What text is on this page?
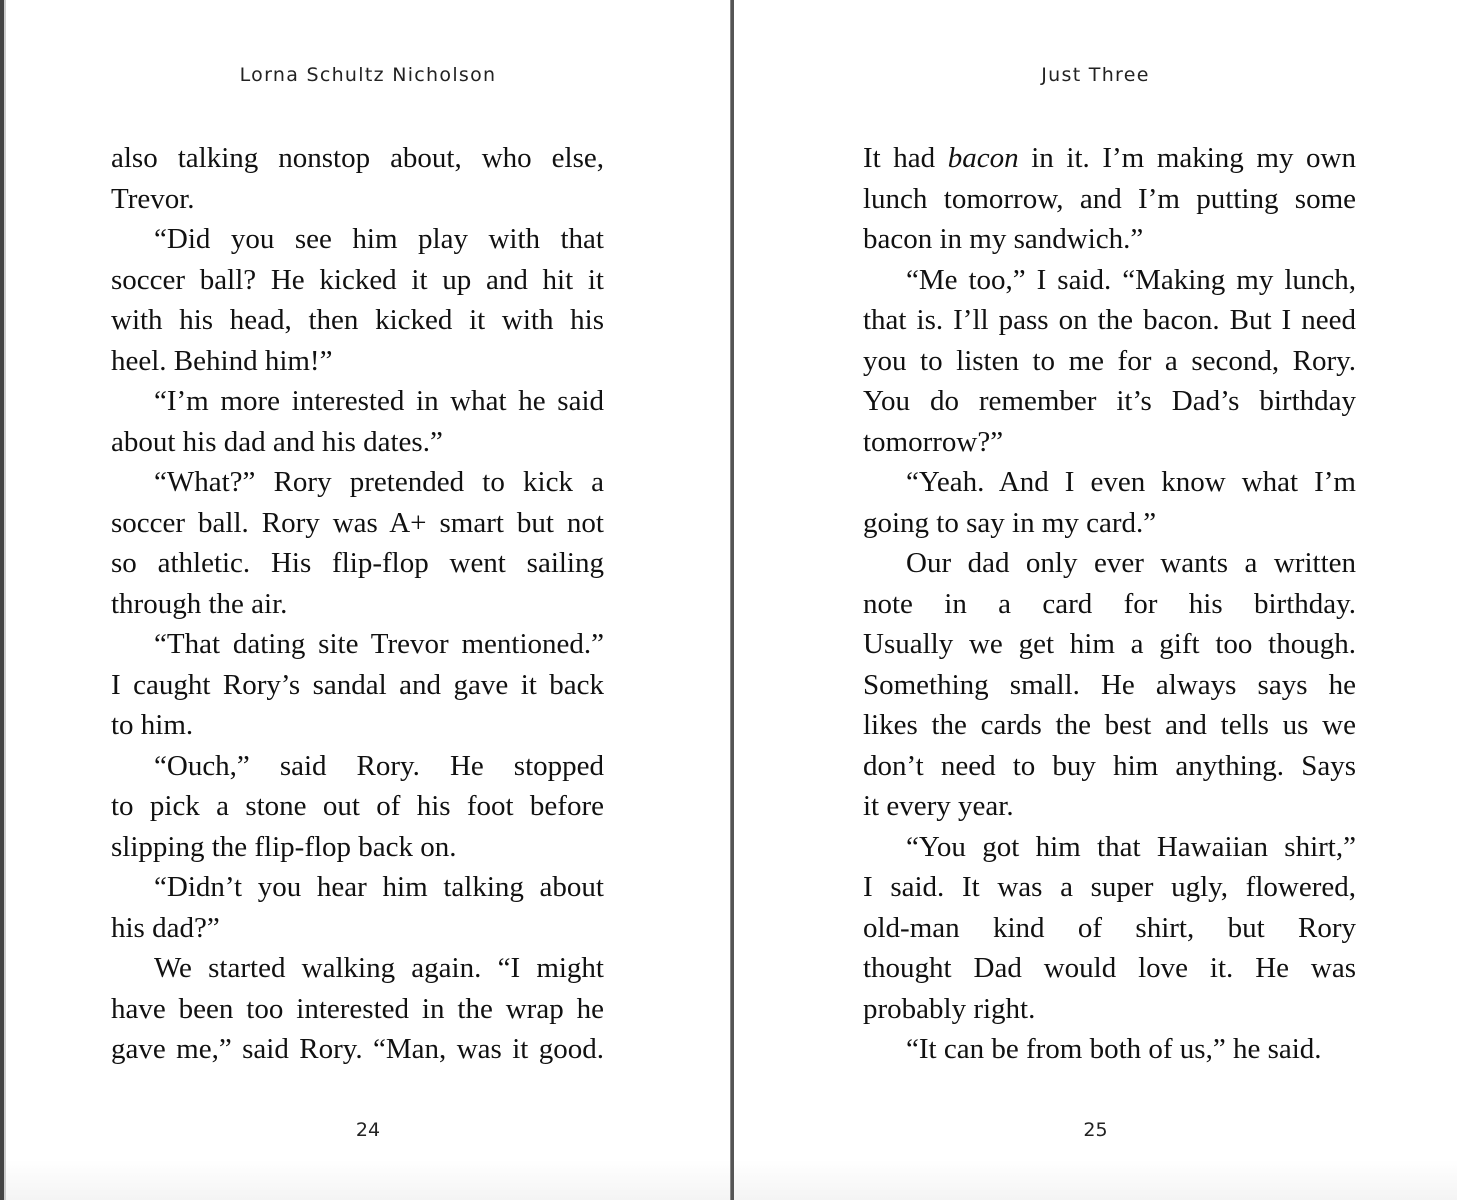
Lorna Schultz Nicholson
also talking nonstop about, who else,
Trevor.
“Did you see him play with that
soccer ball? He kicked it up and hit it
with his head, then kicked it with his
heel. Behind him!”
“I’m more interested in what he said
about his dad and his dates.”
“What?” Rory pretended to kick a
soccer ball. Rory was A+ smart but not
so athletic. His flip-flop went sailing
through the air.
“That dating site Trevor mentioned.”
I caught Rory’s sandal and gave it back
to him.
“Ouch,” said Rory. He stopped
to pick a stone out of his foot before
slipping the flip-flop back on.
“Didn’t you hear him talking about
his dad?”
We started walking again. “I might
have been too interested in the wrap he
gave me,” said Rory. “Man, was it good.
24
Just Three
It had bacon in it. I’m making my own
lunch tomorrow, and I’m putting some
bacon in my sandwich.”
“Me too,” I said. “Making my lunch,
that is. I’ll pass on the bacon. But I need
you to listen to me for a second, Rory.
You do remember it’s Dad’s birthday
tomorrow?”
“Yeah. And I even know what I’m
going to say in my card.”
Our dad only ever wants a written
note in a card for his birthday.
Usually we get him a gift too though.
Something small. He always says he
likes the cards the best and tells us we
don’t need to buy him anything. Says
it every year.
“You got him that Hawaiian shirt,”
I said. It was a super ugly, flowered,
old-man kind of shirt, but Rory
thought Dad would love it. He was
probably right.
“It can be from both of us,” he said.
25
